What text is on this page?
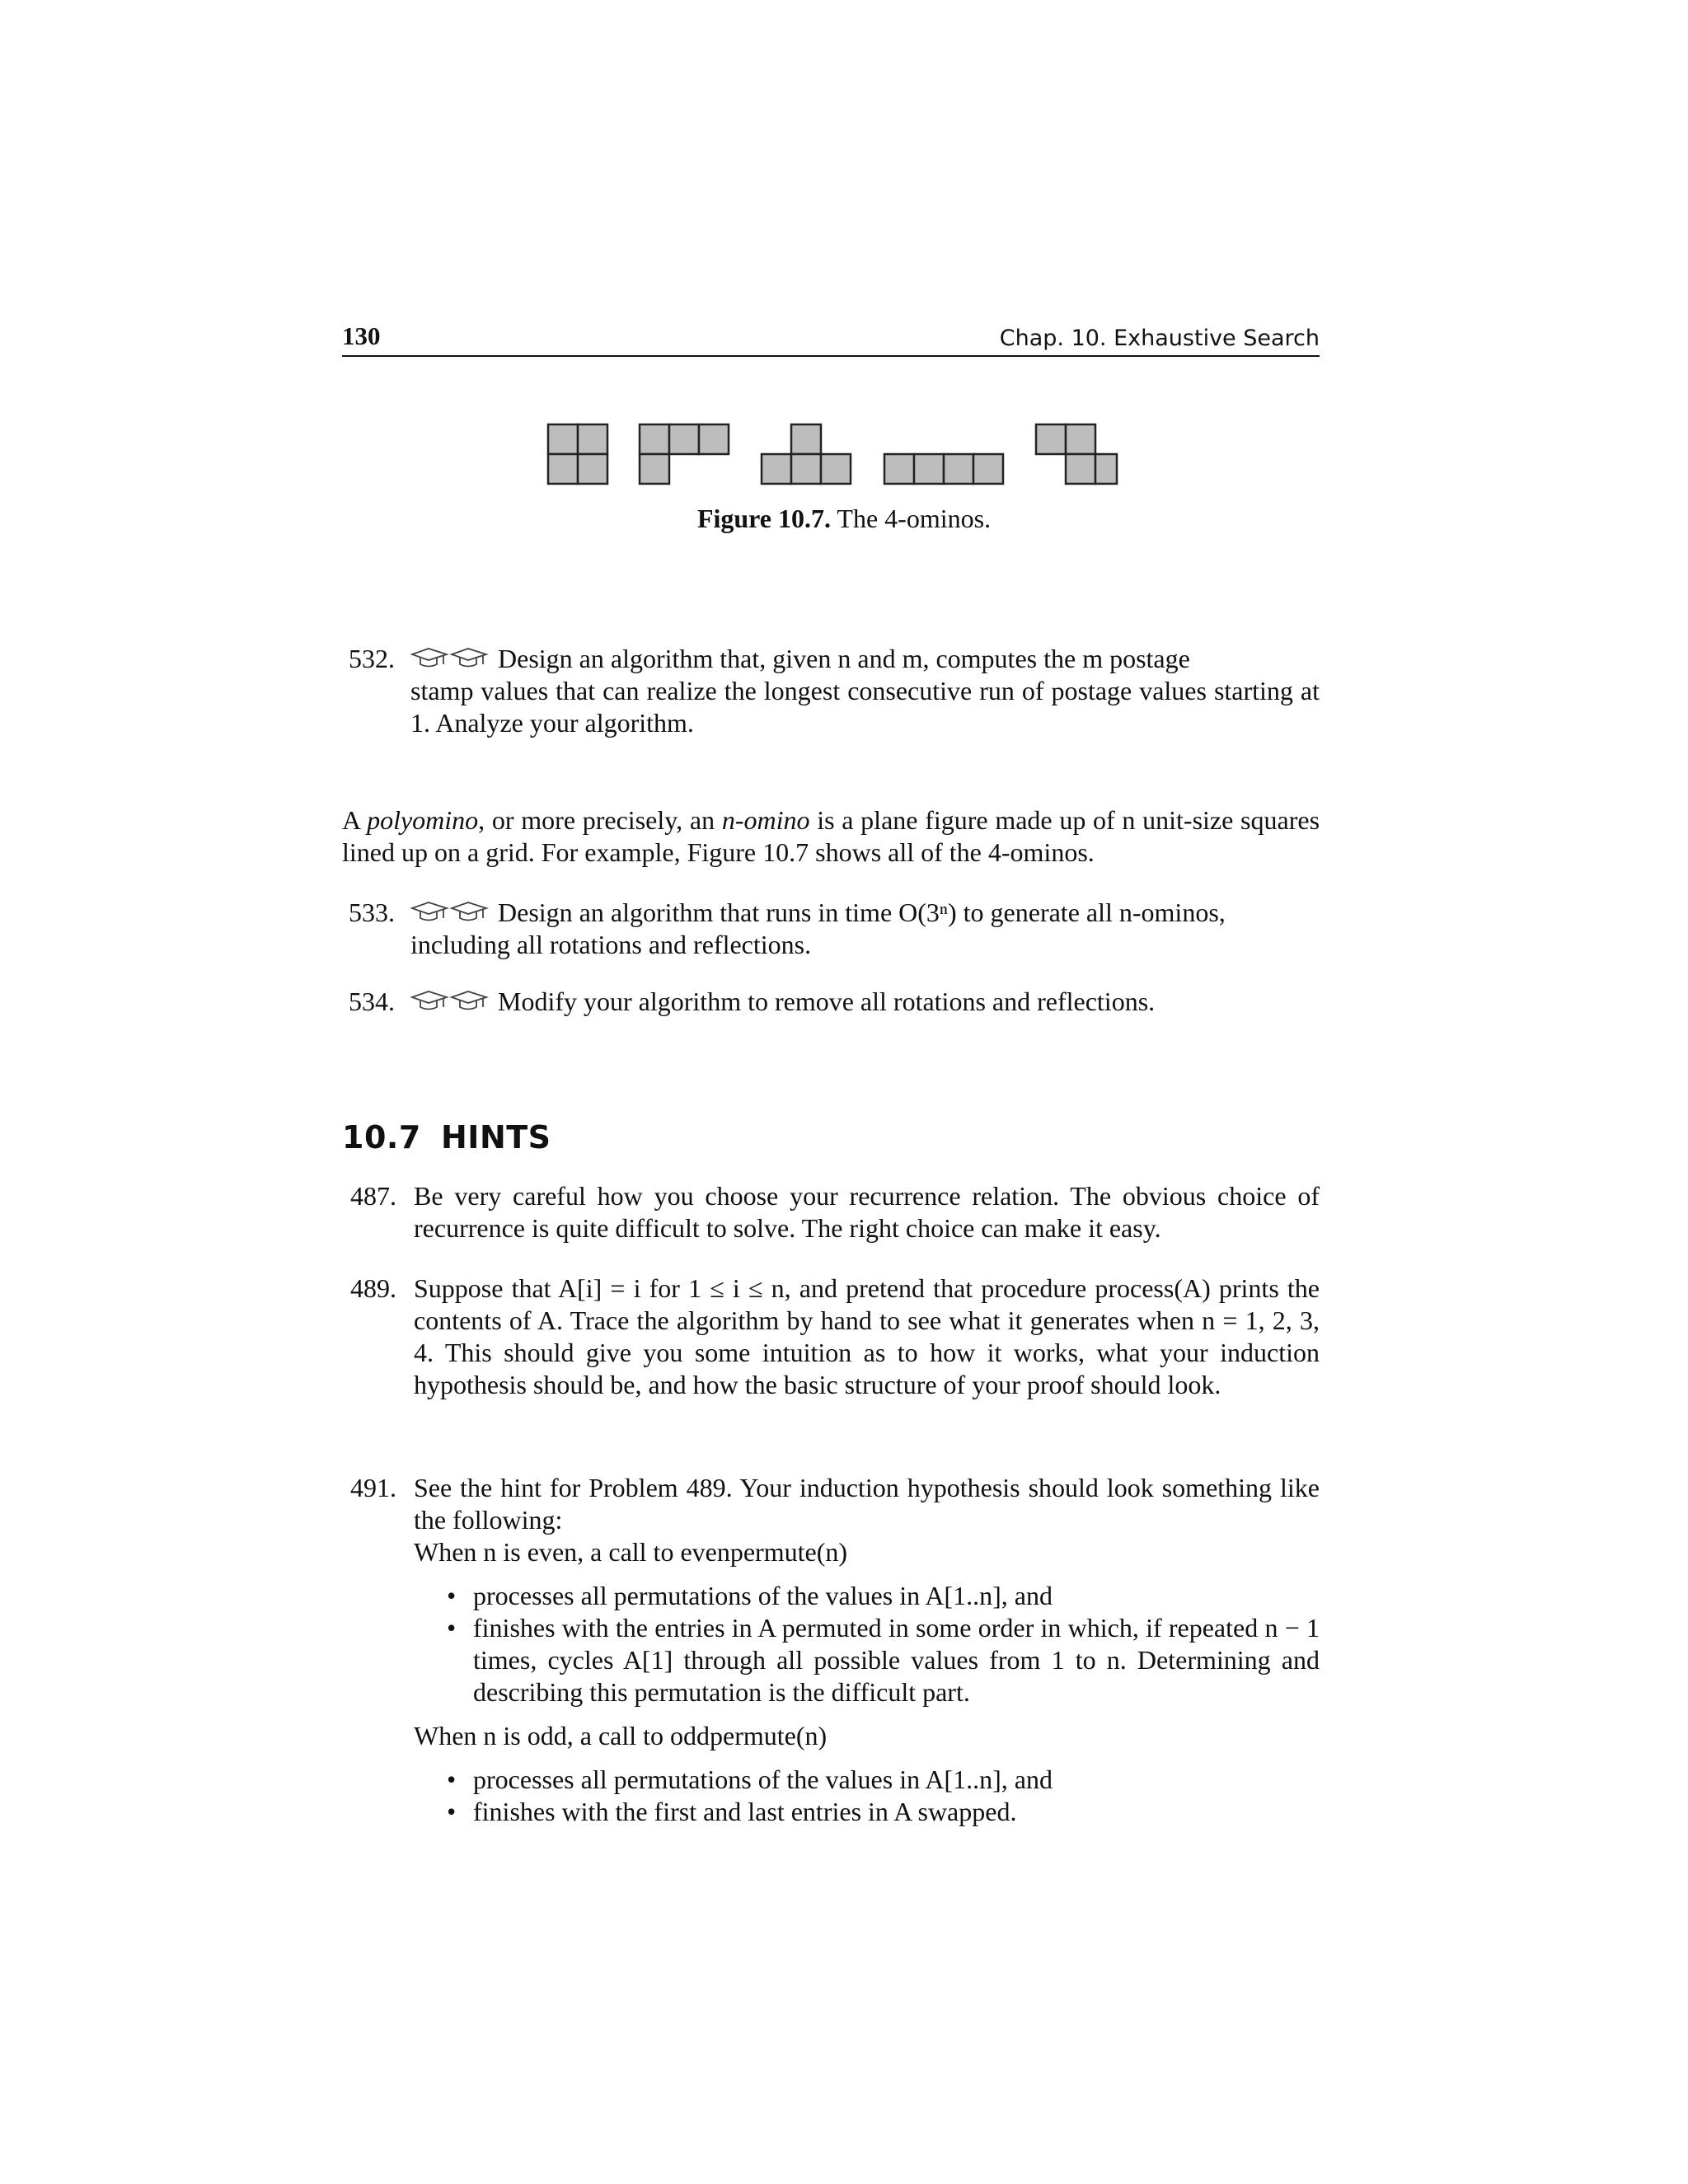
130	Chap. 10. Exhaustive Search
Figure 10.7. The 4-ominos.
532.	Design an algorithm that, given n and m, computes the m postage
stamp values that can realize the longest consecutive run of postage values starting at 1. Analyze your algorithm.
A polyomino, or more precisely, an n-omino is a plane figure made up of n unit-size squares lined up on a grid. For example, Figure 10.7 shows all of the 4-ominos.
533.	Design an algorithm that runs in time O(3ⁿ) to generate all n-ominos,
including all rotations and reflections.
534.	Modify your algorithm to remove all rotations and reflections.
10.7 HINTS
487. Be very careful how you choose your recurrence relation. The obvious choice of recurrence is quite difficult to solve. The right choice can make it easy.
489. Suppose that A[i] = i for 1 ≤ i ≤ n, and pretend that procedure process(A) prints the contents of A. Trace the algorithm by hand to see what it generates when n = 1, 2, 3, 4. This should give you some intuition as to how it works, what your induction hypothesis should be, and how the basic structure of your proof should look.
491. See the hint for Problem 489. Your induction hypothesis should look something like the following:
When n is even, a call to evenpermute(n)
• processes all permutations of the values in A[1..n], and
• finishes with the entries in A permuted in some order in which, if repeated n − 1 times, cycles A[1] through all possible values from 1 to n. Determining and describing this permutation is the difficult part.
When n is odd, a call to oddpermute(n)
• processes all permutations of the values in A[1..n], and
• finishes with the first and last entries in A swapped.
